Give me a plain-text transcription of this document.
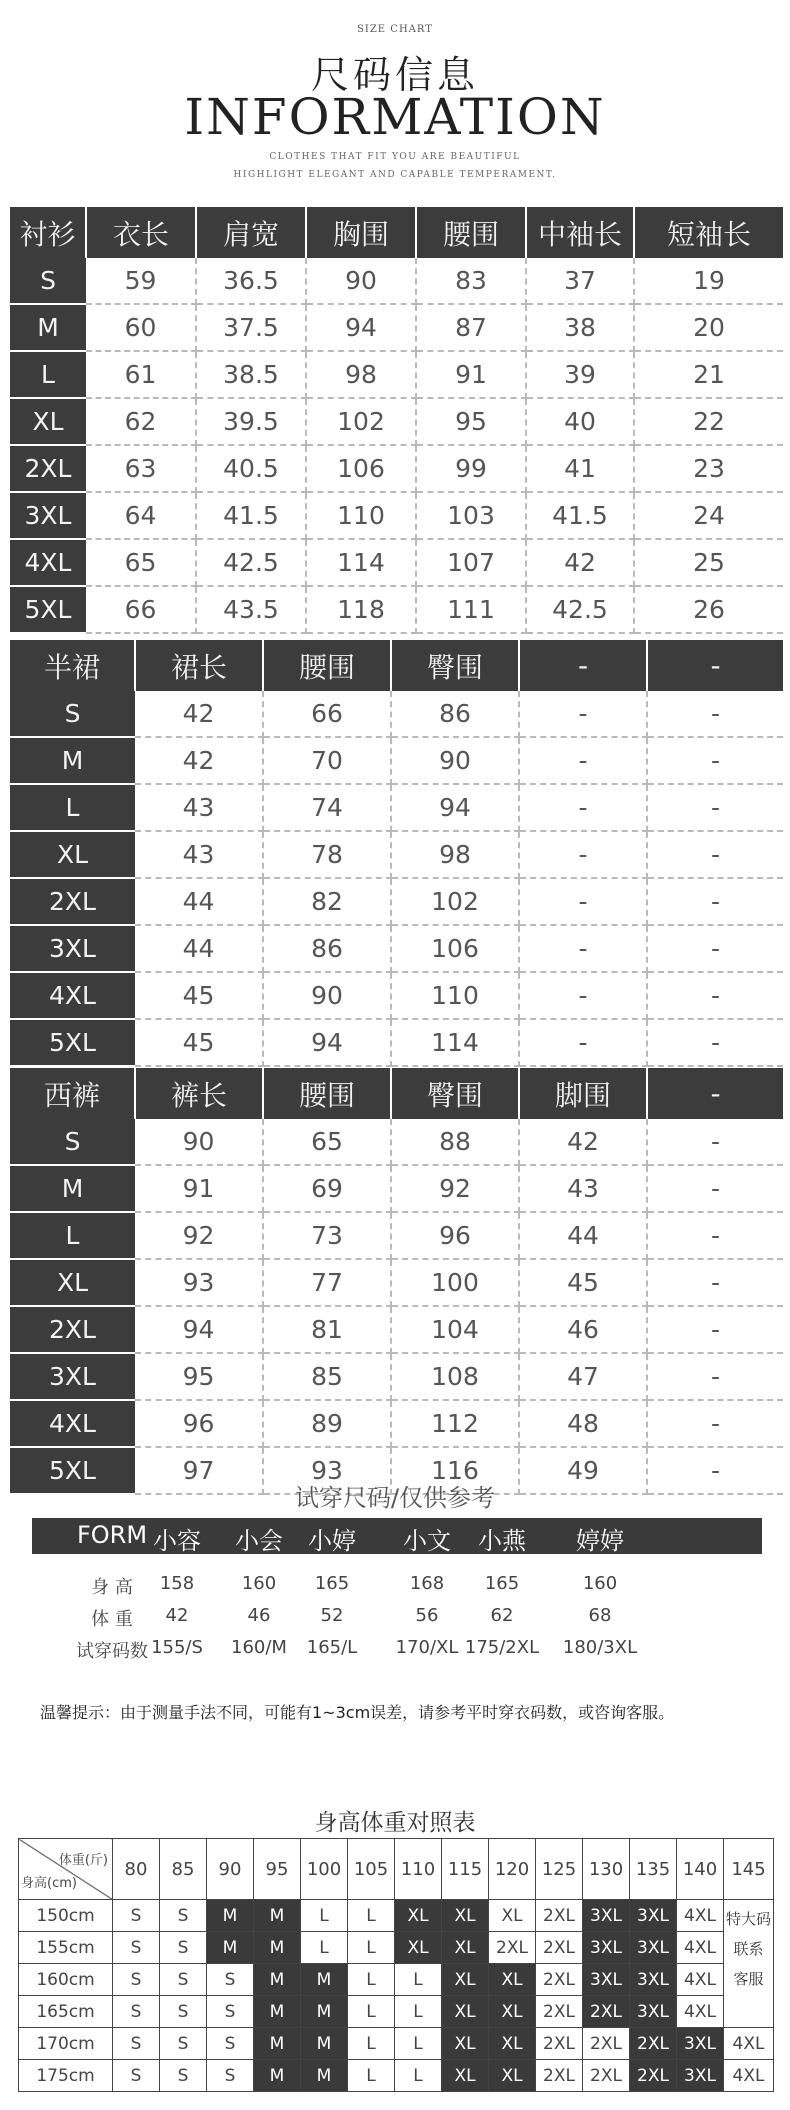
SIZE CHART
尺码信息
INFORMATION
CLOTHES THAT FIT YOU ARE BEAUTIFUL
HIGHLIGHT ELEGANT AND CAPABLE TEMPERAMENT.
衬衫	衣长	肩宽	胸围	腰围	中袖长	短袖长
S	59	36.5	90	83	37	19
M	60	37.5	94	87	38	20
L	61	38.5	98	91	39	21
XL	62	39.5	102	95	40	22
2XL	63	40.5	106	99	41	23
3XL	64	41.5	110	103	41.5	24
4XL	65	42.5	114	107	42	25
5XL	66	43.5	118	111	42.5	26
半裙	裙长	腰围	臀围	-	-
S	42	66	86	-	-
M	42	70	90	-	-
L	43	74	94	-	-
XL	43	78	98	-	-
2XL	44	82	102	-	-
3XL	44	86	106	-	-
4XL	45	90	110	-	-
5XL	45	94	114	-	-
西裤	裤长	腰围	臀围	脚围	-
S	90	65	88	42	-
M	91	69	92	43	-
L	92	73	96	44	-
XL	93	77	100	45	-
2XL	94	81	104	46	-
3XL	95	85	108	47	-
4XL	96	89	112	48	-
5XL	97	93	116	49	-
试穿尺码/仅供参考
FORM 小容	小会	小婷	小文	小燕	婷婷
身 高	158	160	165	168	165	160
体 重	42	46	52	56	62	68
试穿码数 155/S	160/M	165/L	170/XL 175/2XL	180/3XL
温馨提示：由于测量手法不同，可能有1~3cm误差，请参考平时穿衣码数，或咨询客服。
身高体重对照表
体重(斤)
身高(cm)	80	85	90	95	100	105	110	115	120	125	130	135	140	145
150cm	S	S	M	M	L	L	XL	XL	XL	2XL	3XL	3XL	4XL	特大码
联系
客服

155cm	S	S	M	M	L	L	XL	XL	2XL	2XL	3XL	3XL	4XL	
160cm	S	S	S	M	M	L	L	XL	XL	2XL	3XL	3XL	4XL	
165cm	S	S	S	M	M	L	L	XL	XL	2XL	2XL	3XL	4XL	
170cm	S	S	S	M	M	L	L	XL	XL	2XL	2XL	2XL	3XL	4XL
175cm	S	S	S	M	M	L	L	XL	XL	2XL	2XL	2XL	3XL	4XL
